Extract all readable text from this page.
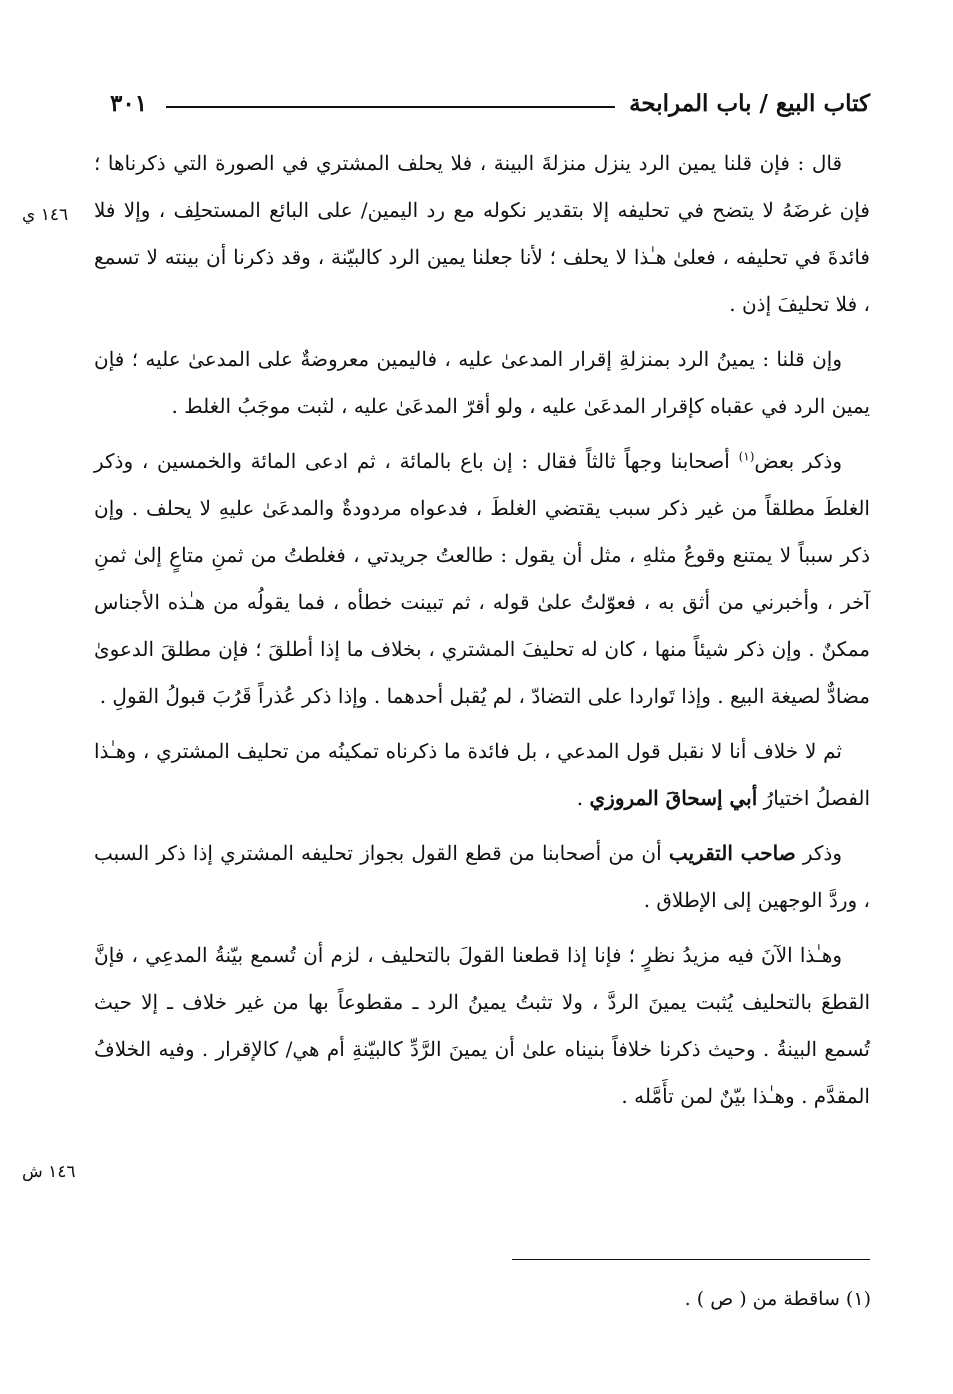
كتاب البيع / باب المرابحة
٣٠١
١٤٦ ي
١٤٦ ش

قال : فإن قلنا يمين الرد ينزل منزلةَ البينة ، فلا يحلف المشتري في الصورة التي ذكرناها ؛ فإن غرضَهُ لا يتضح في تحليفه إلا بتقدير نكوله مع رد اليمين/ على البائع المستحلِف ، وإلا فلا فائدةَ في تحليفه ، فعلىٰ هـٰذا لا يحلف ؛ لأنا جعلنا يمين الرد كالبيّنة ، وقد ذكرنا أن بينته لا تسمع ، فلا تحليفَ إذن .

وإن قلنا : يمينُ الرد بمنزلةِ إقرار المدعىٰ عليه ، فاليمين معروضةٌ على المدعىٰ عليه ؛ فإن يمين الرد في عقباه كإقرار المدعَىٰ عليه ، ولو أقرّ المدعَىٰ عليه ، لثبت موجَبُ الغلط .

وذكر بعض$^{(١)}$ أصحابنا وجهاً ثالثاً فقال : إن باع بالمائة ، ثم ادعى المائة والخمسين ، وذكر الغلطَ مطلقاً من غير ذكر سبب يقتضي الغلطَ ، فدعواه مردودةٌ والمدعَىٰ عليهِ لا يحلف . وإن ذكر سبباً لا يمتنع وقوعُ مثلهِ ، مثل أن يقول : طالعتُ جريدتي ، فغلطتُ من ثمنِ متاعٍ إلىٰ ثمنِ آخر ، وأخبرني من أثق به ، فعوّلتُ علىٰ قوله ، ثم تبينت خطأه ، فما يقولُه من هـٰذه الأجناس ممكنٌ . وإن ذكر شيئاً منها ، كان له تحليفَ المشتري ، بخلاف ما إذا أطلقَ ؛ فإن مطلقَ الدعوىٰ مضادٌّ لصيغة البيع . وإذا تَواردا على التضادّ ، لم يُقبل أحدهما . وإذا ذكر عُذراً قَرُبَ قبولُ القولِ .

ثم لا خلاف أنا لا نقبل قول المدعي ، بل فائدة ما ذكرناه تمكينُه من تحليف المشتري ، وهـٰذا الفصلُ اختيارُ أبي إسحاقَ المروزي .

وذكر صاحب التقريب أن من أصحابنا من قطع القول بجواز تحليفه المشتري إذا ذكر السبب ، وردَّ الوجهين إلى الإطلاق .

وهـٰذا الآنَ فيه مزيدُ نظرٍ ؛ فإنا إذا قطعنا القولَ بالتحليف ، لزم أن تُسمع بيّنةُ المدعِي ، فإنَّ القطعَ بالتحليف يُثبت يمينَ الردَّ ، ولا تثبتُ يمينُ الرد ـ مقطوعاً بها من غير خلاف ـ إلا حيث تُسمع البينةُ . وحيث ذكرنا خلافاً بنيناه علىٰ أن يمينَ الرَّدِّ كالبيّنةِ أم هي/ كالإقرار . وفيه الخلافُ المقدَّم . وهـٰذا بيّنٌ لمن تأَمَّله .

(١) ساقطة من ( ص ) .
